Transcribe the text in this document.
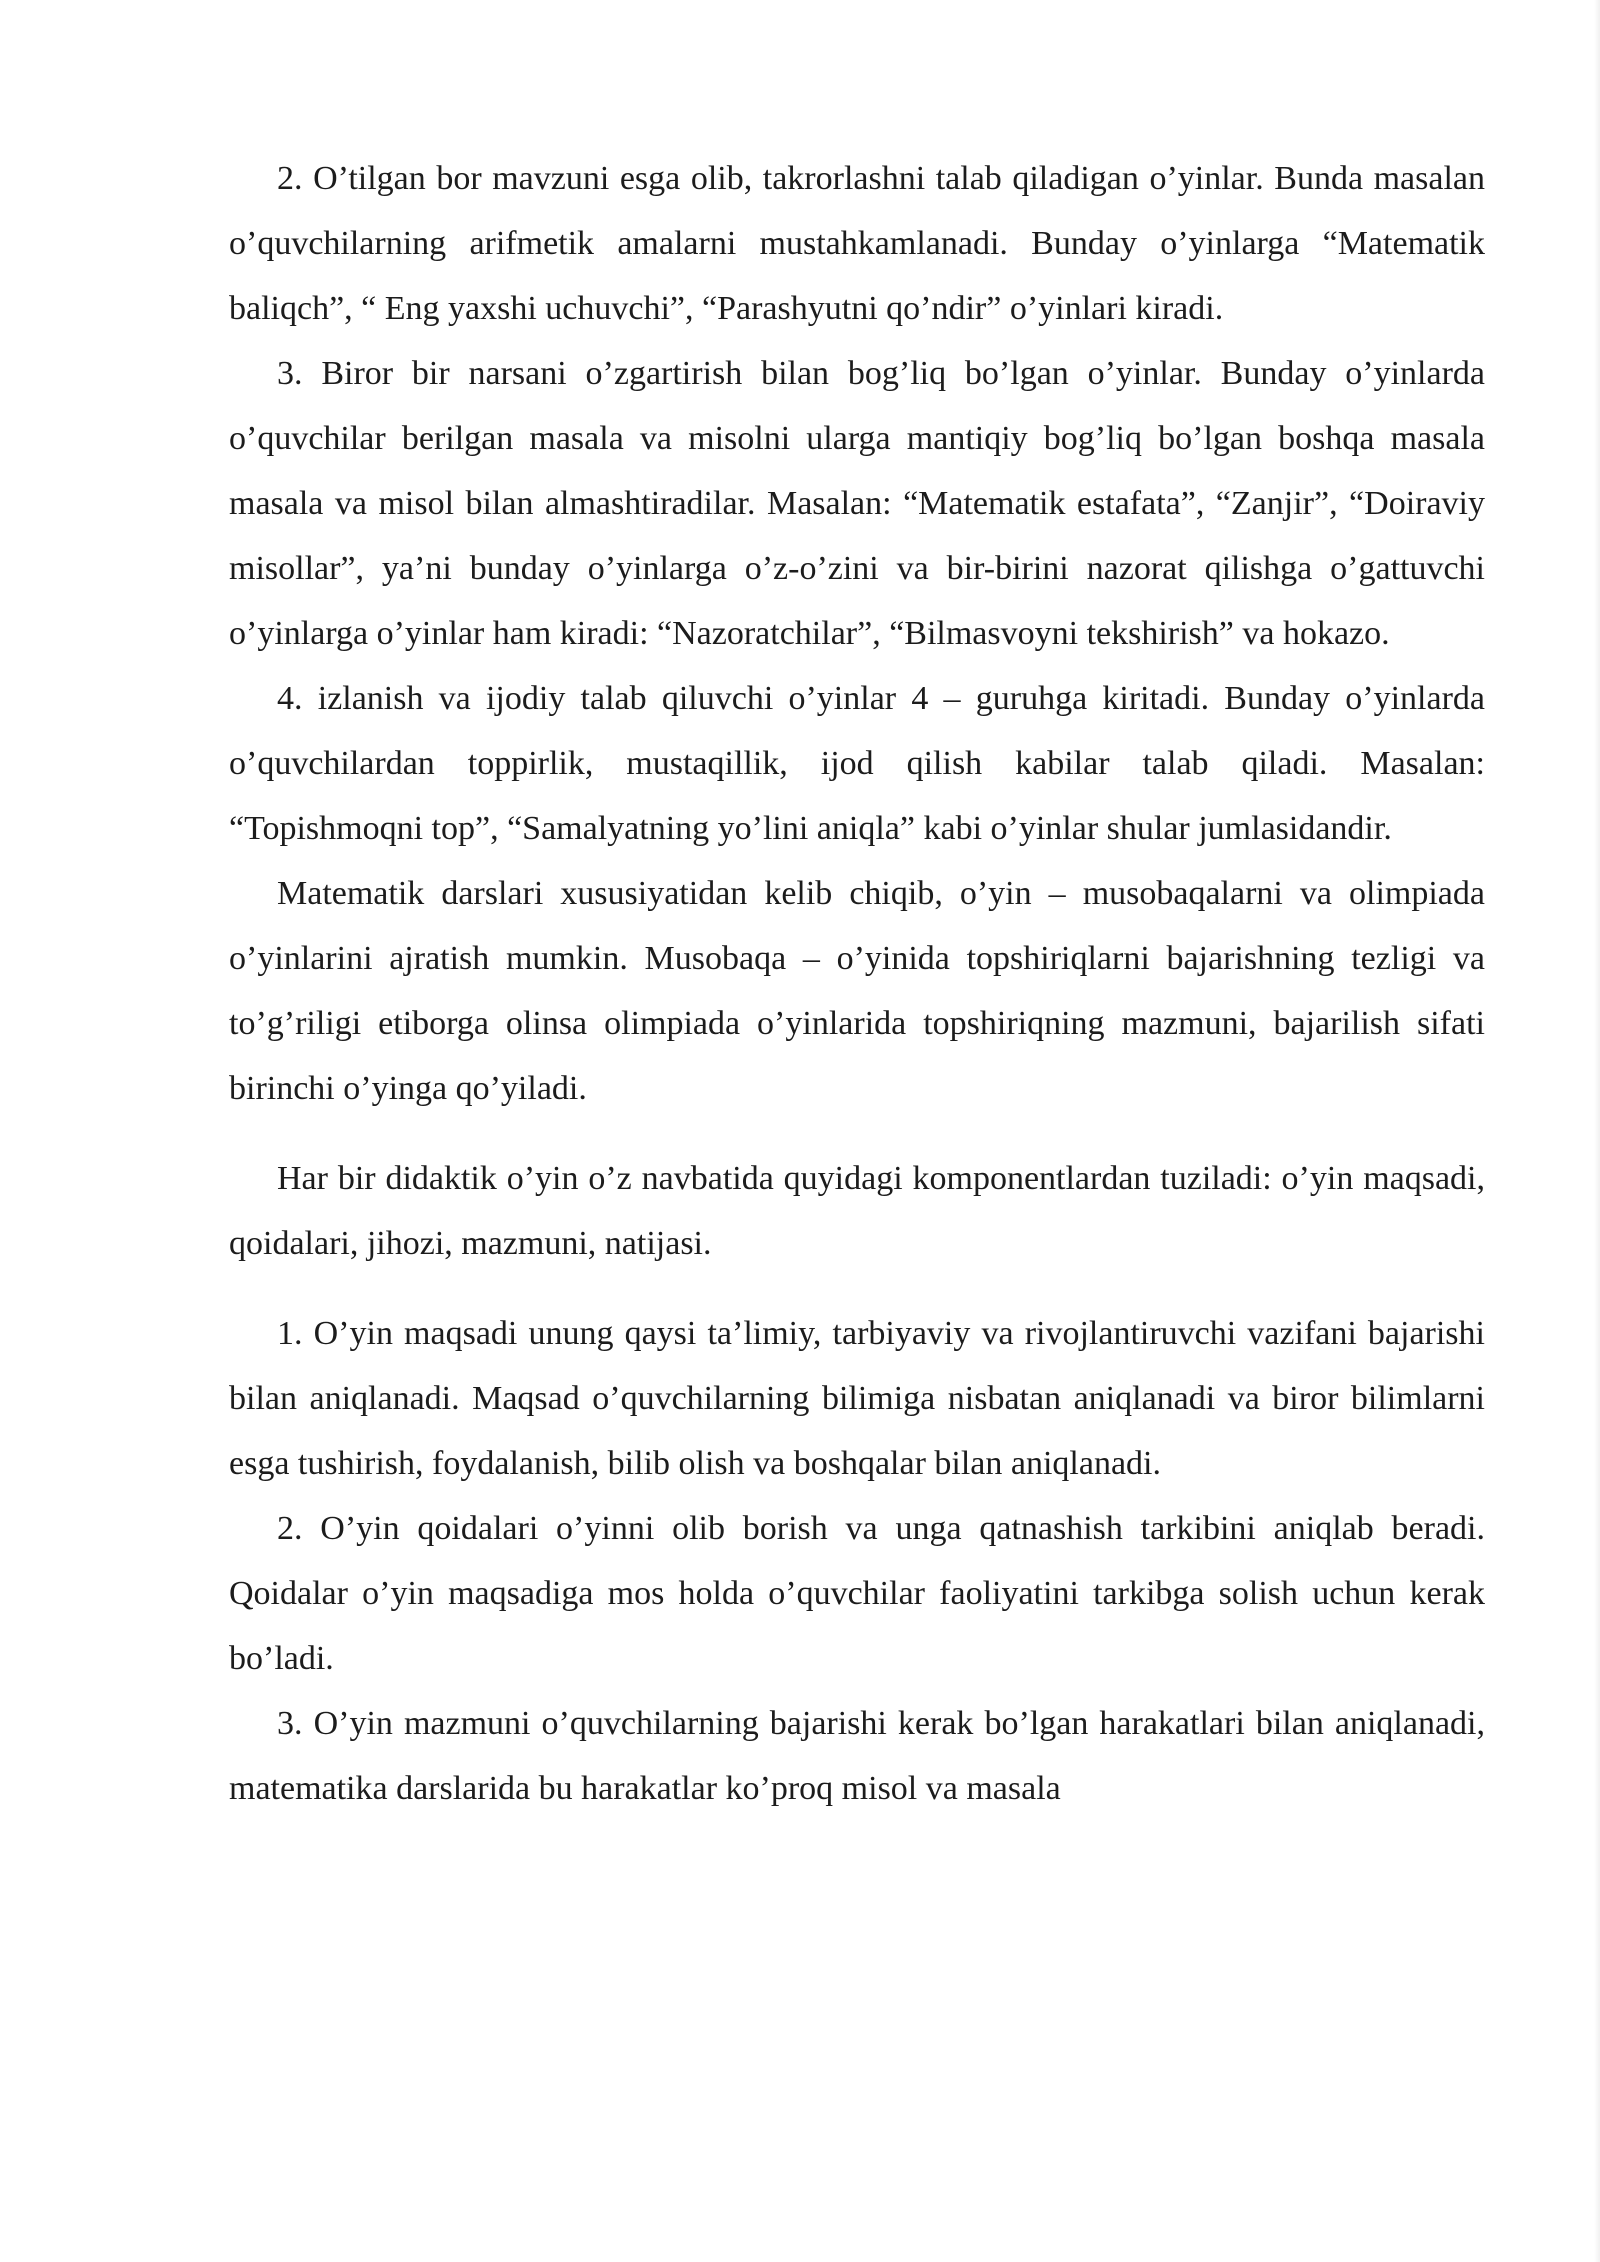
2. O’tilgan bor mavzuni esga olib, takrorlashni talab qiladigan o’yinlar. Bunda masalan o’quvchilarning arifmetik amalarni mustahkamlanadi. Bunday o’yinlarga “Matematik baliqch”, “ Eng yaxshi uchuvchi”, “Parashyutni qo’ndir” o’yinlari kiradi.

3. Biror bir narsani o’zgartirish bilan bog’liq bo’lgan o’yinlar. Bunday o’yinlarda o’quvchilar berilgan masala va misolni ularga mantiqiy bog’liq bo’lgan boshqa masala masala va misol bilan almashtiradilar. Masalan: “Matematik estafata”, “Zanjir”, “Doiraviy misollar”, ya’ni bunday o’yinlarga o’z-o’zini va bir-birini nazorat qilishga o’gattuvchi o’yinlarga o’yinlar ham kiradi: “Nazoratchilar”, “Bilmasvoyni tekshirish” va hokazo.

4. izlanish va ijodiy talab qiluvchi o’yinlar 4 – guruhga kiritadi. Bunday o’yinlarda o’quvchilardan toppirlik, mustaqillik, ijod qilish kabilar talab qiladi. Masalan: “Topishmoqni top”, “Samalyatning yo’lini aniqla” kabi o’yinlar shular jumlasidandir.

Matematik darslari xususiyatidan kelib chiqib, o’yin – musobaqalarni va olimpiada o’yinlarini ajratish mumkin. Musobaqa – o’yinida topshiriqlarni bajarishning tezligi va to’g’riligi etiborga olinsa olimpiada o’yinlarida topshiriqning mazmuni, bajarilish sifati birinchi o’yinga qo’yiladi.

Har bir didaktik o’yin o’z navbatida quyidagi komponentlardan tuziladi: o’yin maqsadi, qoidalari, jihozi, mazmuni, natijasi.

1. O’yin maqsadi unung qaysi ta’limiy, tarbiyaviy va rivojlantiruvchi vazifani bajarishi bilan aniqlanadi. Maqsad o’quvchilarning bilimiga nisbatan aniqlanadi va biror bilimlarni esga tushirish, foydalanish, bilib olish va boshqalar bilan aniqlanadi.

2. O’yin qoidalari o’yinni olib borish va unga qatnashish tarkibini aniqlab beradi. Qoidalar o’yin maqsadiga mos holda o’quvchilar faoliyatini tarkibga solish uchun kerak bo’ladi.

3. O’yin mazmuni o’quvchilarning bajarishi kerak bo’lgan harakatlari bilan aniqlanadi, matematika darslarida bu harakatlar ko’proq misol va masala
